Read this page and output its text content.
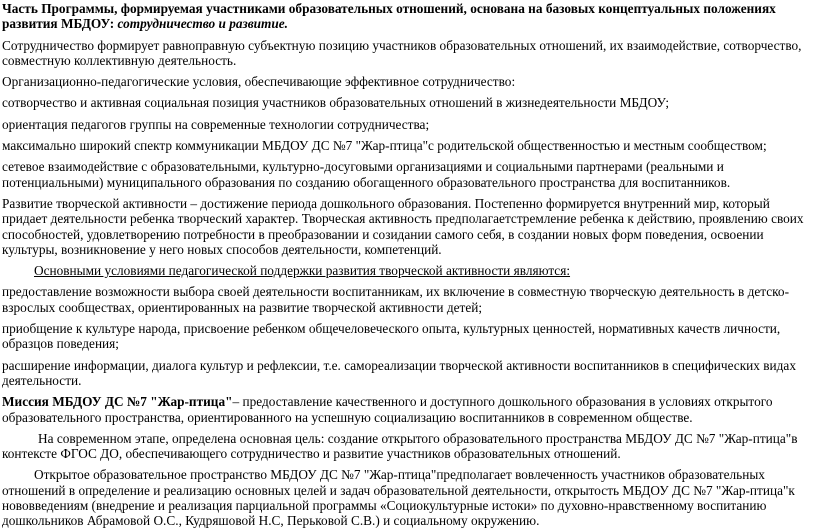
Часть Программы, формируемая участниками образовательных отношений, основана на базовых концептуальных положениях развития МБДОУ: сотрудничество и развитие.

Сотрудничество формирует равноправную субъектную позицию участников образовательных отношений, их взаимодействие, сотворчество, совместную коллективную деятельность.

Организационно-педагогические условия, обеспечивающие эффективное сотрудничество:

сотворчество и активная социальная позиция участников образовательных отношений в жизнедеятельности МБДОУ;

ориентация педагогов группы на современные технологии сотрудничества;

максимально широкий спектр коммуникации МБДОУ ДС №7 "Жар-птица"с родительской общественностью и местным сообществом;

сетевое взаимодействие с образовательными, культурно-досуговыми организациями и социальными партнерами (реальными и потенциальными) муниципального образования по созданию обогащенного образовательного пространства для воспитанников.

Развитие творческой активности – достижение периода дошкольного образования. Постепенно формируется внутренний мир, который придает деятельности ребенка творческий характер. Творческая активность предполагаетстремление ребенка к действию, проявлению своих способностей, удовлетворению потребности в преобразовании и созидании самого себя, в создании новых форм поведения, освоении культуры, возникновение у него новых способов деятельности, компетенций.

Основными условиями педагогической поддержки развития творческой активности являются:

предоставление возможности выбора своей деятельности воспитанникам, их включение в совместную творческую деятельность в детско-взрослых сообществах, ориентированных на развитие творческой активности детей;

приобщение к культуре народа, присвоение ребенком общечеловеческого опыта, культурных ценностей, нормативных качеств личности, образцов поведения;

расширение информации, диалога культур и рефлексии, т.е. самореализации творческой активности воспитанников в специфических видах деятельности.

Миссия МБДОУ ДС №7 "Жар-птица"– предоставление качественного и доступного дошкольного образования в условиях открытого образовательного пространства, ориентированного на успешную социализацию воспитанников в современном обществе.

На современном этапе, определена основная цель: создание открытого образовательного пространства МБДОУ ДС №7 "Жар-птица"в контексте ФГОС ДО, обеспечивающего сотрудничество и развитие участников образовательных отношений.

Открытое образовательное пространство МБДОУ ДС №7 "Жар-птица"предполагает вовлеченность участников образовательных отношений в определение и реализацию основных целей и задач образовательной деятельности, открытость МБДОУ ДС №7 "Жар-птица"к нововведениям (внедрение и реализация парциальной программы «Социокультурные истоки» по духовно-нравственному воспитанию дошкольников Абрамовой О.С., Кудряшовой Н.С, Перьковой С.В.) и социальному окружению.
